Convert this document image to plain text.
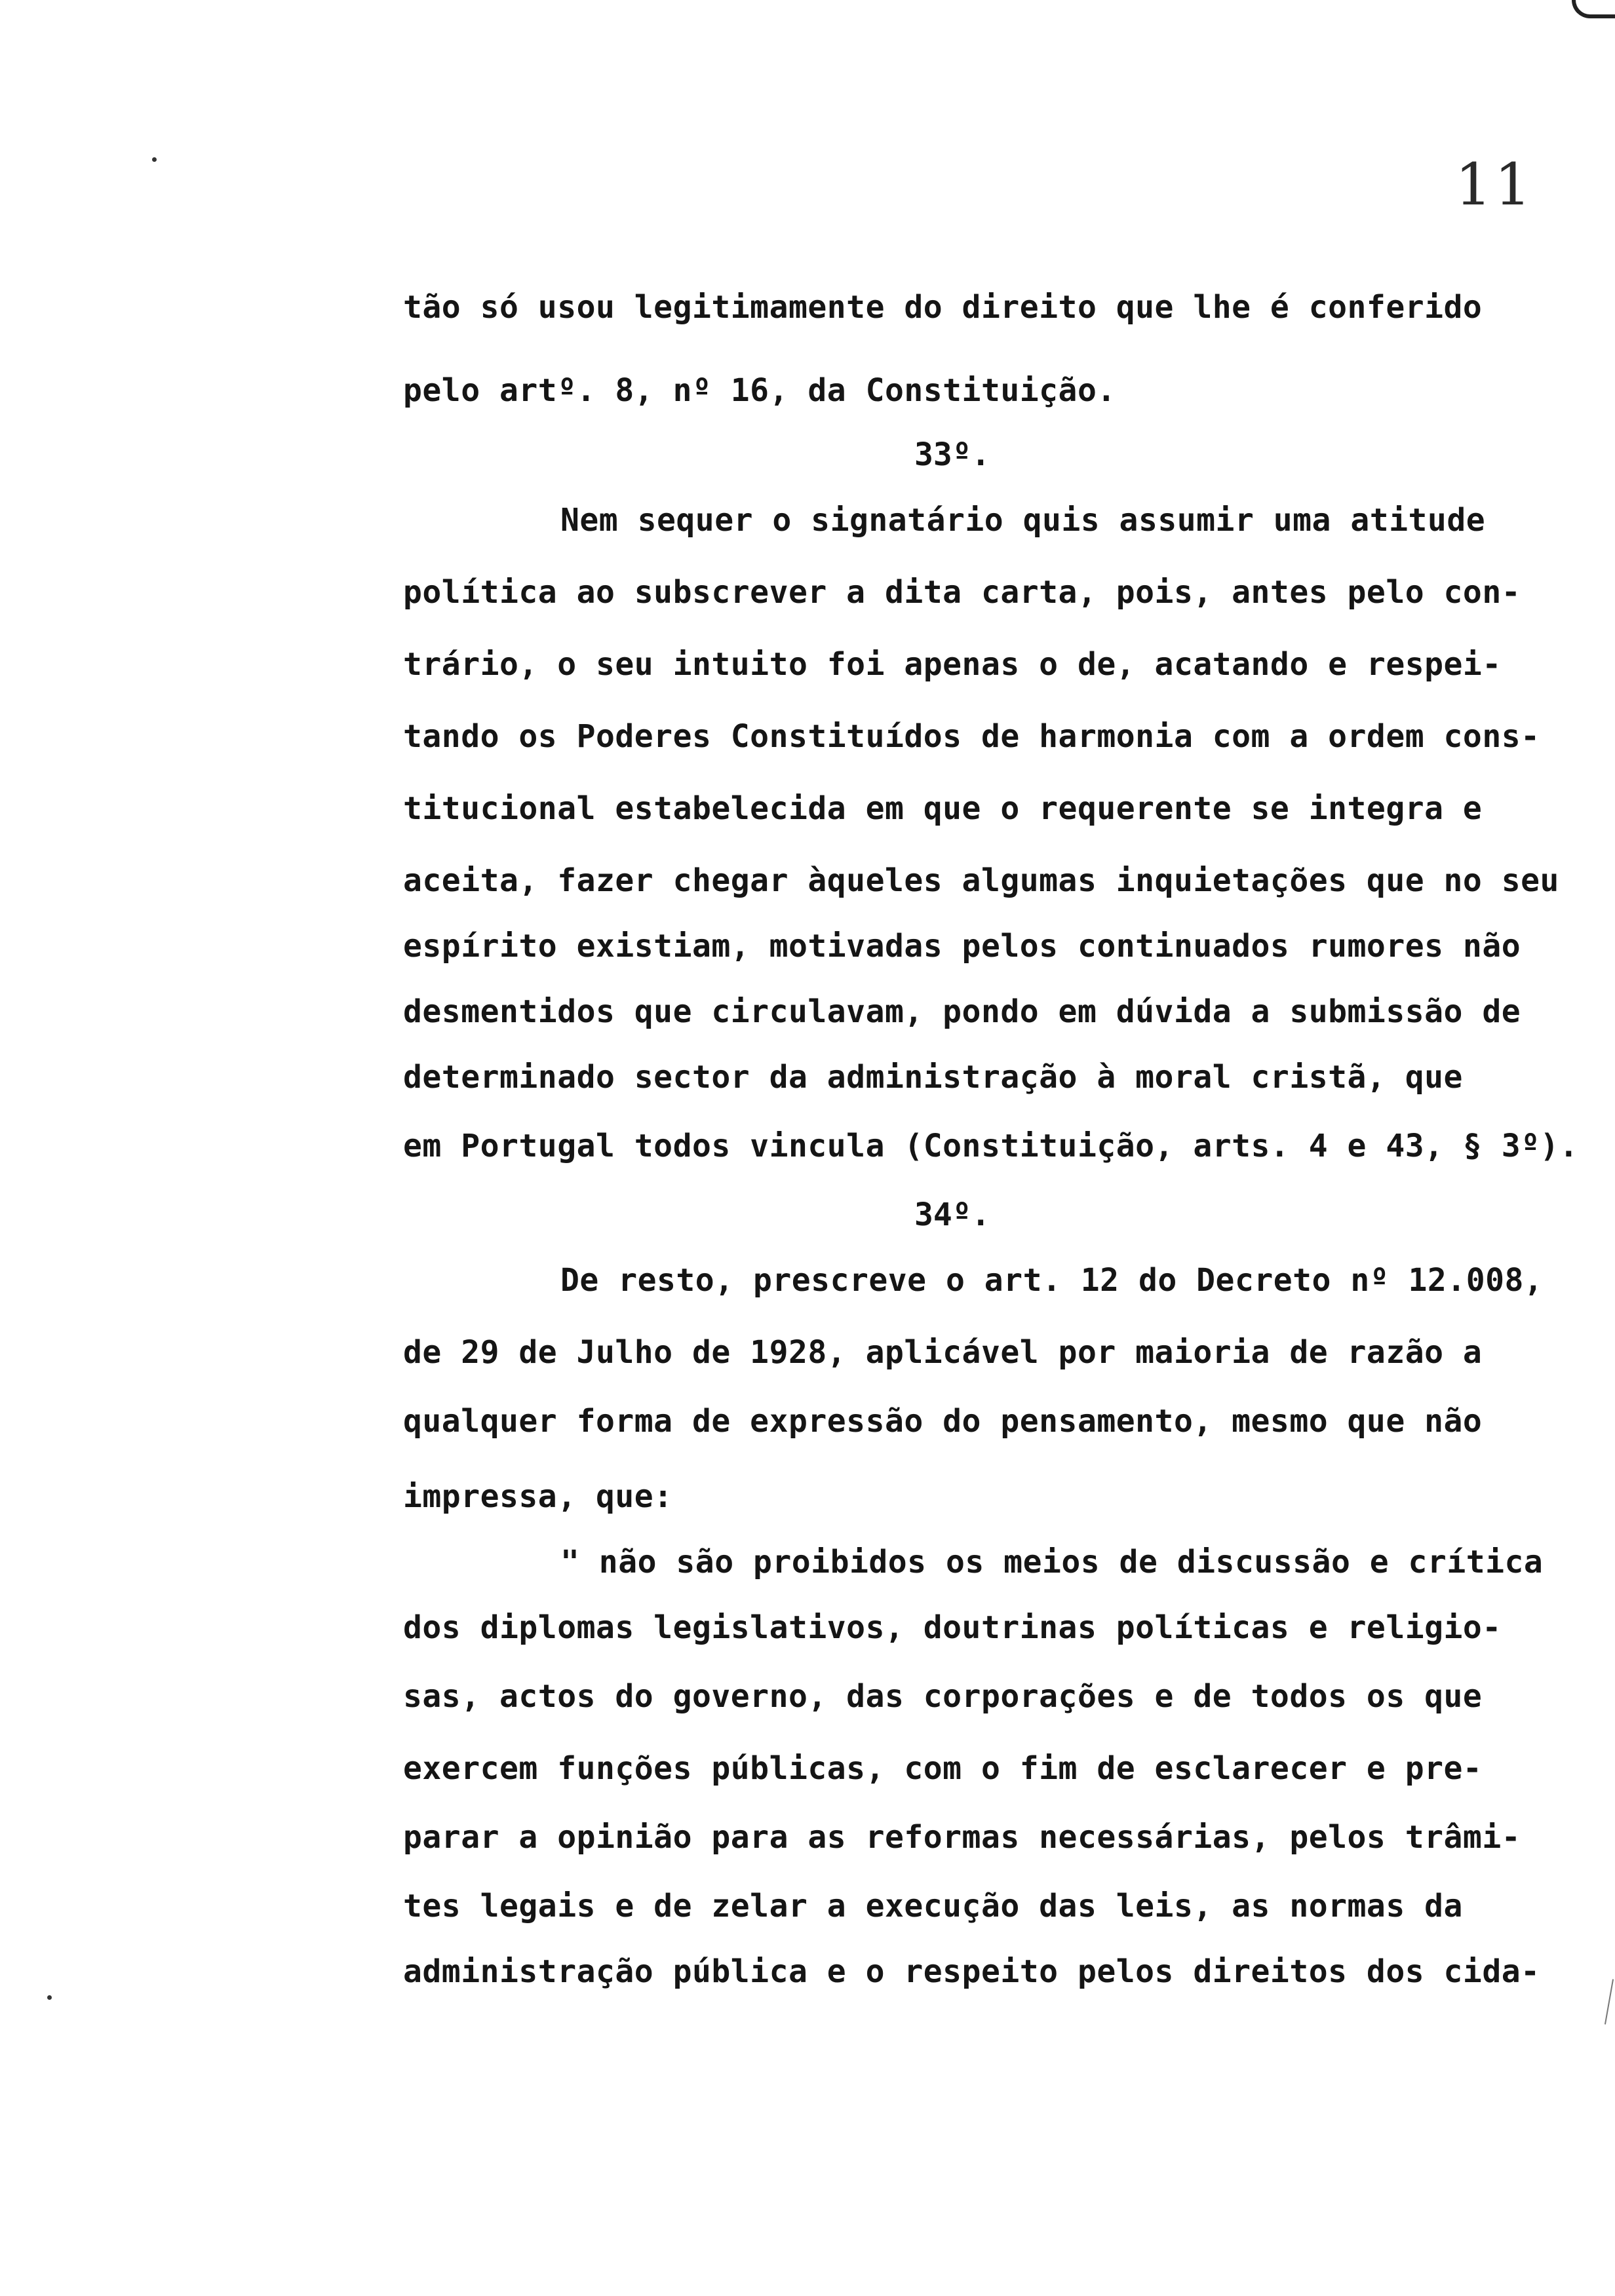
11
tão só usou legitimamente do direito que lhe é conferido
pelo artº. 8, nº 16, da Constituição.
33º.
Nem sequer o signatário quis assumir uma atitude
política ao subscrever a dita carta, pois, antes pelo con-
trário, o seu intuito foi apenas o de, acatando e respei-
tando os Poderes Constituídos de harmonia com a ordem cons-
titucional estabelecida em que o requerente se integra e
aceita, fazer chegar àqueles algumas inquietações que no seu
espírito existiam, motivadas pelos continuados rumores não
desmentidos que circulavam, pondo em dúvida a submissão de
determinado sector da administração à moral cristã, que
em Portugal todos vincula (Constituição, arts. 4 e 43, § 3º).
34º.
De resto, prescreve o art. 12 do Decreto nº 12.008,
de 29 de Julho de 1928, aplicável por maioria de razão a
qualquer forma de expressão do pensamento, mesmo que não
impressa, que:
" não são proibidos os meios de discussão e crítica
dos diplomas legislativos, doutrinas políticas e religio-
sas, actos do governo, das corporações e de todos os que
exercem funções públicas, com o fim de esclarecer e pre-
parar a opinião para as reformas necessárias, pelos trâmi-
tes legais e de zelar a execução das leis, as normas da
administração pública e o respeito pelos direitos dos cida-
